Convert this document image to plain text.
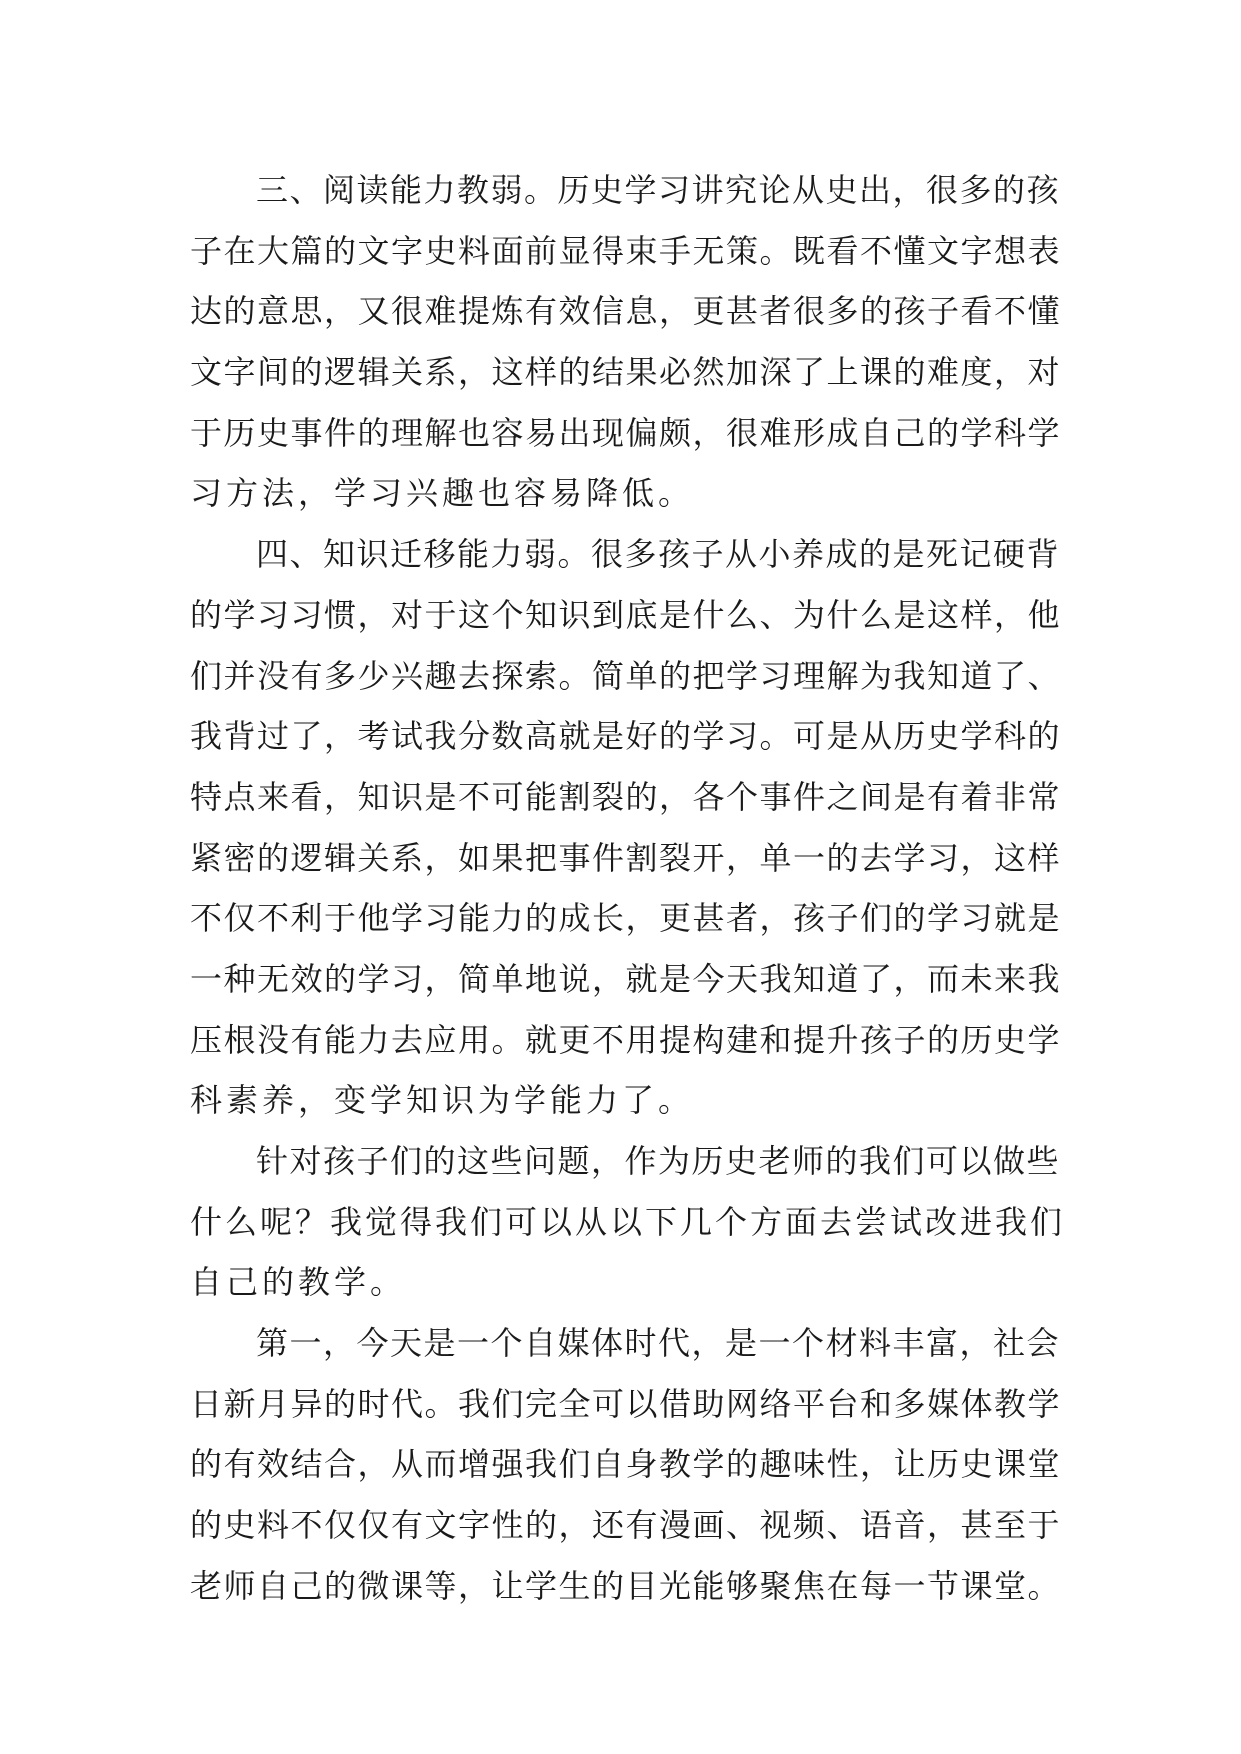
三、阅读能力教弱。历史学习讲究论从史出，很多的孩
子在大篇的文字史料面前显得束手无策。既看不懂文字想表
达的意思，又很难提炼有效信息，更甚者很多的孩子看不懂
文字间的逻辑关系，这样的结果必然加深了上课的难度，对
于历史事件的理解也容易出现偏颇，很难形成自己的学科学
习方法，学习兴趣也容易降低。
四、知识迁移能力弱。很多孩子从小养成的是死记硬背
的学习习惯，对于这个知识到底是什么、为什么是这样，他
们并没有多少兴趣去探索。简单的把学习理解为我知道了、
我背过了，考试我分数高就是好的学习。可是从历史学科的
特点来看，知识是不可能割裂的，各个事件之间是有着非常
紧密的逻辑关系，如果把事件割裂开，单一的去学习，这样
不仅不利于他学习能力的成长，更甚者，孩子们的学习就是
一种无效的学习，简单地说，就是今天我知道了，而未来我
压根没有能力去应用。就更不用提构建和提升孩子的历史学
科素养，变学知识为学能力了。
针对孩子们的这些问题，作为历史老师的我们可以做些
什么呢？我觉得我们可以从以下几个方面去尝试改进我们
自己的教学。
第一，今天是一个自媒体时代，是一个材料丰富，社会
日新月异的时代。我们完全可以借助网络平台和多媒体教学
的有效结合，从而增强我们自身教学的趣味性，让历史课堂
的史料不仅仅有文字性的，还有漫画、视频、语音，甚至于
老师自己的微课等，让学生的目光能够聚焦在每一节课堂。
